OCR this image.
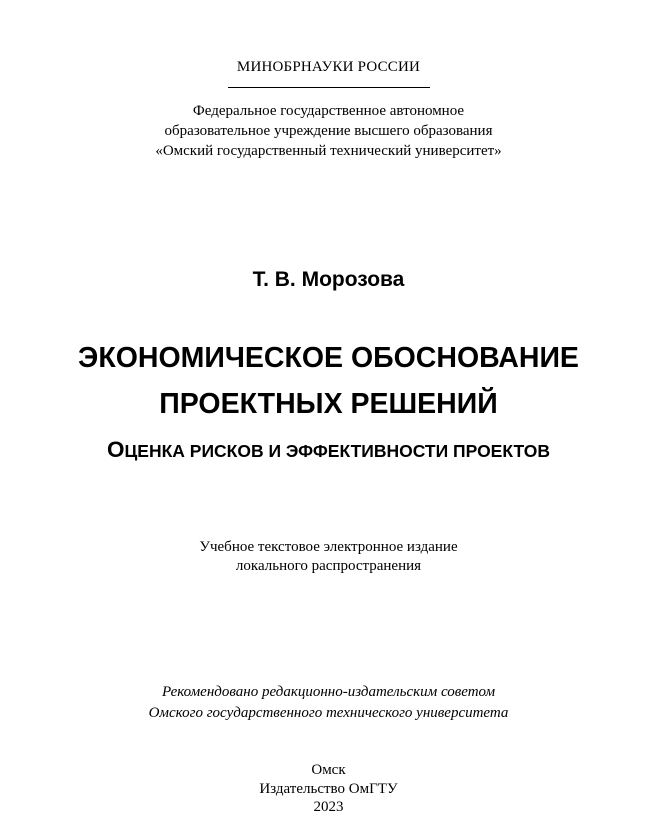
МИНОБРНАУКИ РОССИИ
Федеральное государственное автономное
образовательное учреждение высшего образования
«Омский государственный технический университет»
Т. В. Морозова
ЭКОНОМИЧЕСКОЕ ОБОСНОВАНИЕ
ПРОЕКТНЫХ РЕШЕНИЙ
ОЦЕНКА РИСКОВ И ЭФФЕКТИВНОСТИ ПРОЕКТОВ
Учебное текстовое электронное издание
локального распространения
Рекомендовано редакционно-издательским советом
Омского государственного технического университета
Омск
Издательство ОмГТУ
2023
